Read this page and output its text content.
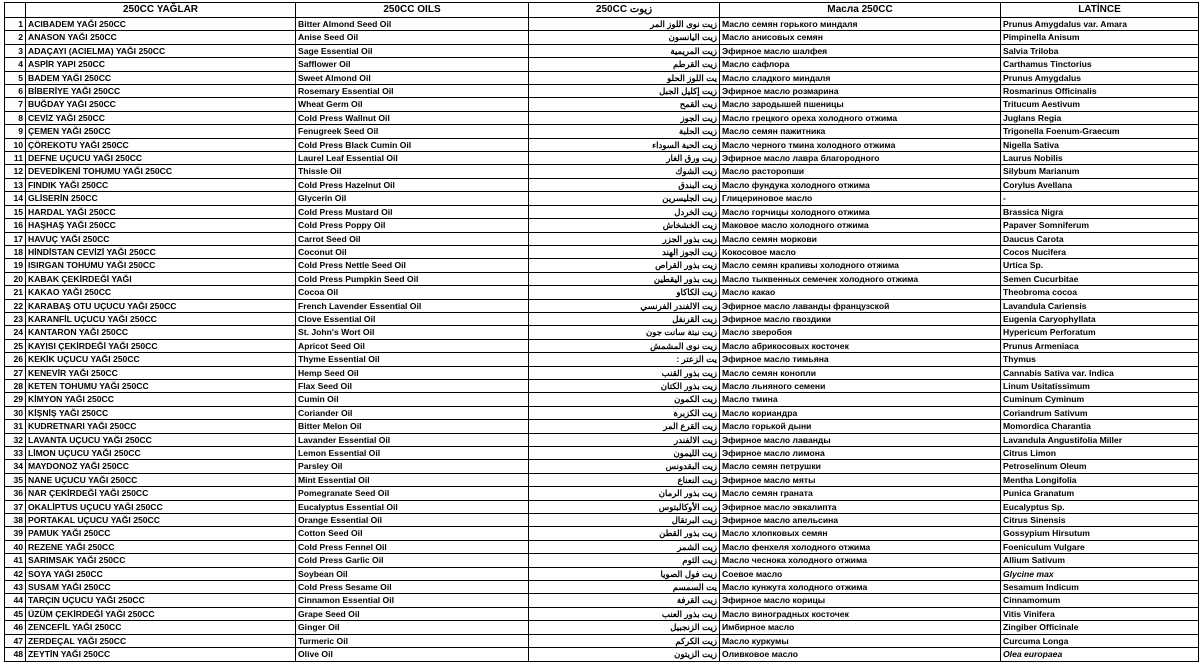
	250CC YAĞLAR	250CC OILS	250CC زيوت	Масла 250CC	LATİNCE
1	ACIBADEM YAĞI 250CC	Bitter Almond Seed Oil	زيت نوى اللوز المر	Масло семян горького миндаля	Prunus Amygdalus var. Amara
2	ANASON YAĞI 250CC	Anise Seed Oil	زيت اليانسون	Масло анисовых семян	Pimpinella Anisum
3	ADAÇAYI (ACIELMA) YAĞI 250CC	Sage Essential Oil	زيت المريمية	Эфирное масло шалфея	Salvia Triloba
4	ASPİR YAPI 250CC	Safflower Oil	زيت القرطم	Масло сафлора	Carthamus Tinctorius
5	BADEM YAĞI 250CC	Sweet Almond Oil	يت اللوز الحلو	Масло сладкого миндаля	Prunus Amygdalus
6	BİBERİYE YAĞI 250CC	Rosemary Essential Oil	زيت إكليل الجبل	Эфирное масло розмарина	Rosmarinus Officinalis
7	BUĞDAY YAĞI 250CC	Wheat Germ Oil	زيت القمح	Масло зародышей пшеницы	Tritucum Aestivum
8	CEVİZ YAĞI 250CC	Cold Press Wallnut Oil	زيت الجوز	Масло грецкого ореха холодного отжима	Juglans Regia
9	ÇEMEN YAĞI 250CC	Fenugreek Seed Oil	زيت الحلبة	Масло семян пажитника	Trigonella Foenum-Graecum
10	ÇÖREKOTU YAĞI 250CC	Cold Press Black Cumin Oil	زيت الحبة السوداء	Масло черного тмина холодного отжима	Nigella Sativa
11	DEFNE UÇUCU YAĞI 250CC	Laurel Leaf Essential Oil	زيت ورق الغار	Эфирное масло лавра благородного	Laurus Nobilis
12	DEVEDİKENİ TOHUMU YAĞI 250CC	Thissle Oil	زيت الشوك	Масло расторопши	Silybum Marianum
13	FINDIK YAĞI 250CC	Cold Press Hazelnut Oil	زيت البندق	Масло фундука холодного отжима	Corylus Avellana
14	GLİSERİN 250CC	Glycerin Oil	زيت الجليسرين	Глицериновое масло	-
15	HARDAL YAĞI 250CC	Cold Press Mustard Oil	زيت الخردل	Масло горчицы холодного отжима	Brassica Nigra
16	HAŞHAŞ YAĞI 250CC	Cold Press Poppy Oil	زيت الخشخاش	Маковое масло холодного отжима	Papaver Somniferum
17	HAVUÇ YAĞI 250CC	Carrot Seed Oil	زيت بذور الجزر	Масло семян моркови	Daucus Carota
18	HİNDİSTAN CEVİZİ YAĞI 250CC	Coconut Oil	زيت الجوز الهند	Кокосовое масло	Cocos Nucifera
19	ISIRGAN TOHUMU YAĞI 250CC	Cold Press Nettle Seed Oil	زيت بذور القراص	Масло семян крапивы холодного отжима	Urtica Sp.
20	KABAK ÇEKİRDEĞİ YAĞI	Cold Press Pumpkin Seed Oil	زيت بذور اليقطين	Масло тыквенных семечек холодного отжима	Semen Cucurbitae
21	KAKAO YAĞI 250CC	Cocoa Oil	زيت الكاكاو	Масло какао	Theobroma cocoa
22	KARABAŞ OTU UÇUCU YAĞI 250CC	French Lavender Essential Oil	زيت الالفندر الفرنسي	Эфирное масло лаванды французской	Lavandula Cariensis
23	KARANFİL UÇUCU YAĞI 250CC	Clove Essential Oil	زيت القرنفل	Эфирное масло гвоздики	Eugenia Caryophyllata
24	KANTARON YAĞI 250CC	St. John's Wort Oil	زيت نبتة سانت جون	Масло зверобоя	Hypericum Perforatum
25	KAYISI ÇEKİRDEĞİ YAĞI 250CC	Apricot Seed Oil	زيت نوى المشمش	Масло абрикосовых косточек	Prunus Armeniaca
26	KEKİK UÇUCU YAĞI 250CC	Thyme Essential Oil	يت الزعتر :	Эфирное масло тимьяна	Thymus
27	KENEVİR YAĞI 250CC	Hemp Seed Oil	زيت بذور القنب	Масло семян конопли	Cannabis Sativa var. Indica
28	KETEN TOHUMU YAĞI 250CC	Flax Seed Oil	زيت بذور الكتان	Масло льняного семени	Linum Usitatissimum
29	KİMYON YAĞI 250CC	Cumin Oil	زيت الكمون	Масло тмина	Cuminum Cyminum
30	KİŞNİŞ YAĞI 250CC	Coriander Oil	زيت الكزبرة	Масло кориандра	Coriandrum Sativum
31	KUDRETNARI YAĞI 250CC	Bitter Melon Oil	زيت القرع المر	Масло горькой дыни	Momordica Charantia
32	LAVANTA UÇUCU YAĞI 250CC	Lavander Essential Oil	زيت الالفندر	Эфирное масло лаванды	Lavandula Angustifolia Miller
33	LİMON UÇUCU YAĞI 250CC	Lemon Essential Oil	زيت الليمون	Эфирное масло лимона	Citrus Limon
34	MAYDONOZ YAĞI 250CC	Parsley Oil	زيت البقدونس	Масло семян петрушки	Petroselinum Oleum
35	NANE UÇUCU YAĞI 250CC	Mint Essential Oil	زيت النعناع	Эфирное масло мяты	Mentha Longifolia
36	NAR ÇEKİRDEĞİ YAĞI 250CC	Pomegranate Seed Oil	زيت بذور الرمان	Масло семян граната	Punica Granatum
37	OKALİPTUS UÇUCU YAĞI 250CC	Eucalyptus Essential Oil	زيت الأوكالبتوس	Эфирное масло эвкалипта	Eucalyptus Sp.
38	PORTAKAL UÇUCU YAĞI 250CC	Orange Essential Oil	زيت البرتقال	Эфирное масло апельсина	Citrus Sinensis
39	PAMUK YAĞI 250CC	Cotton Seed Oil	زيت بذور القطن	Масло хлопковых семян	Gossypium Hirsutum
40	REZENE YAĞI 250CC	Cold Press Fennel Oil	زيت الشمر	Масло фенхеля холодного отжима	Foeniculum Vulgare
41	SARIMSAK YAĞI 250CC	Cold Press Garlic Oil	زيت الثوم	Масло чеснока холодного отжима	Allium Sativum
42	SOYA YAĞI 250CC	Soybean Oil	زيت فول الصويا	Соевое масло	Glycine max
43	SUSAM YAĞI 250CC	Cold Press Sesame Oil	يت السمسم	Масло кунжута холодного отжима	Sesamum Indicum
44	TARÇIN UÇUCU YAĞI 250CC	Cinnamon Essential Oil	زيت القرفة	Эфирное масло корицы	Cinnamomum
45	ÜZÜM ÇEKİRDEĞİ YAĞI 250CC	Grape Seed Oil	زيت بذور العنب	Масло виноградных косточек	Vitis Vinifera
46	ZENCEFİL YAĞI 250CC	Ginger Oil	زيت الزنجبيل	Имбирное масло	Zingiber Officinale
47	ZERDEÇAL YAĞI 250CC	Turmeric Oil	زيت الكركم	Масло куркумы	Curcuma Longa
48	ZEYTİN YAĞI 250CC	Olive Oil	زيت الزيتون	Оливковое масло	Olea europaea
